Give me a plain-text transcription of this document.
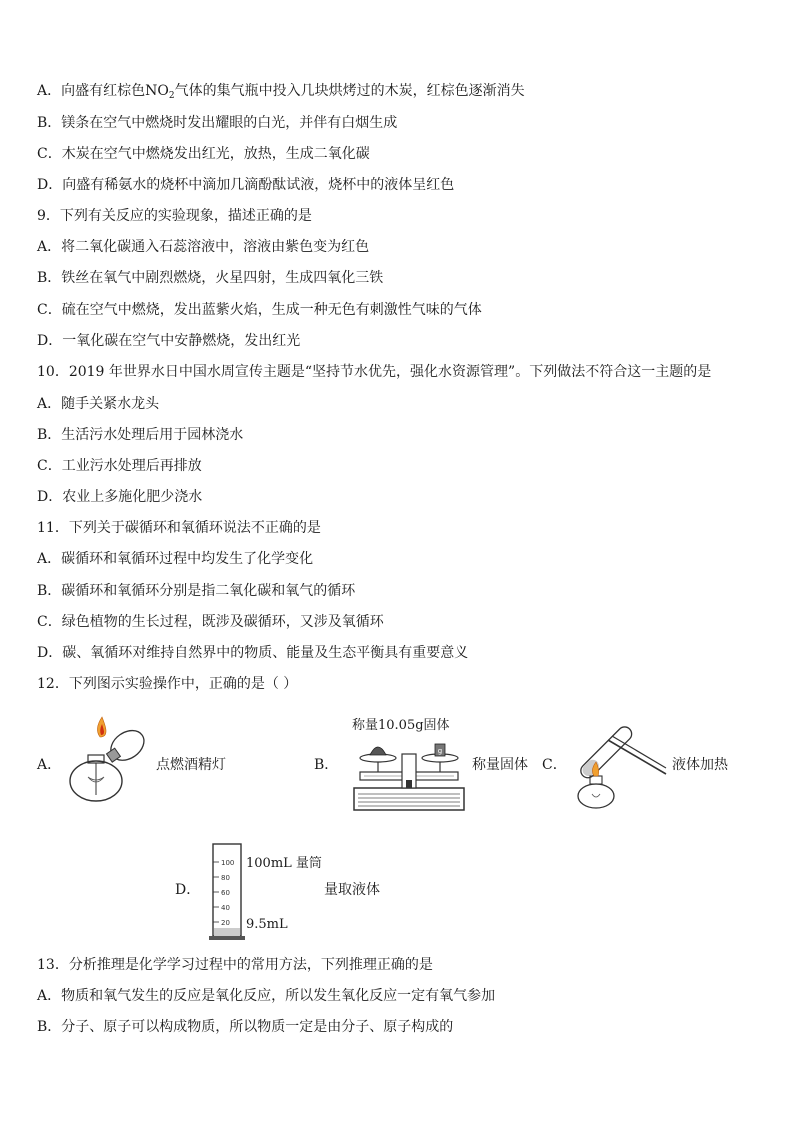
A．向盛有红棕色$NO_2$气体的集气瓶中投入几块烘烤过的木炭，红棕色逐渐消失
B．镁条在空气中燃烧时发出耀眼的白光，并伴有白烟生成
C．木炭在空气中燃烧发出红光，放热，生成二氧化碳
D．向盛有稀氨水的烧杯中滴加几滴酚酞试液，烧杯中的液体呈红色
9．下列有关反应的实验现象，描述正确的是
A．将二氧化碳通入石蕊溶液中，溶液由紫色变为红色
B．铁丝在氧气中剧烈燃烧，火星四射，生成四氧化三铁
C．硫在空气中燃烧，发出蓝紫火焰，生成一种无色有刺激性气味的气体
D．一氧化碳在空气中安静燃烧，发出红光
10．2019 年世界水日中国水周宣传主题是“坚持节水优先，强化水资源管理”。下列做法不符合这一主题的是
A．随手关紧水龙头
B．生活污水处理后用于园林浇水
C．工业污水处理后再排放
D．农业上多施化肥少浇水
11．下列关于碳循环和氧循环说法不正确的是
A．碳循环和氧循环过程中均发生了化学变化
B．碳循环和氧循环分别是指二氧化碳和氧气的循环
C．绿色植物的生长过程，既涉及碳循环，又涉及氧循环
D．碳、氧循环对维持自然界中的物质、能量及生态平衡具有重要意义
12．下列图示实验操作中，正确的是（ ）
A．	点燃酒精灯	B．
称量10.05g固体
g
称量固体 C．	液体加热
D．
100
80
60
40
20
100mL 量筒
量取液体
9.5mL
13．分析推理是化学学习过程中的常用方法，下列推理正确的是
A．物质和氧气发生的反应是氧化反应，所以发生氧化反应一定有氧气参加
B．分子、原子可以构成物质，所以物质一定是由分子、原子构成的
